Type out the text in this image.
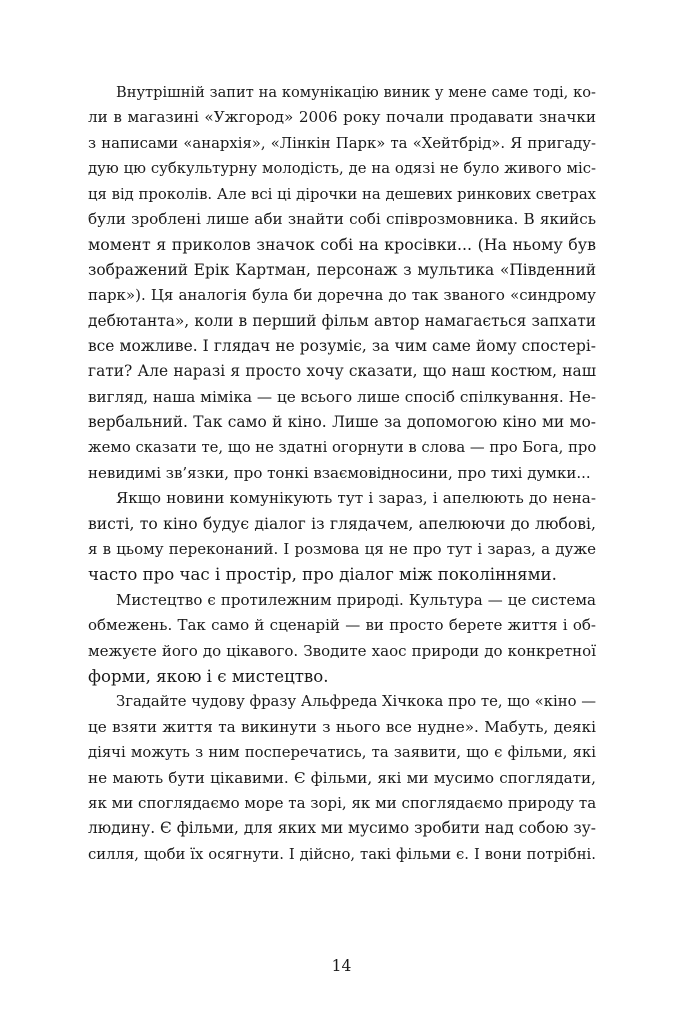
Внутрішній запит на комунікацію виник у мене саме тоді, ко-
ли в магазині «Ужгород» 2006 року почали продавати значки
з написами «анархія», «Лінкін Парк» та «Хейтбрід». Я пригаду-
дую цю субкультурну молодість, де на одязі не було живого міс-
ця від проколів. Але всі ці дірочки на дешевих ринкових светрах
були зроблені лише аби знайти собі співрозмовника. В якийсь
момент я приколов значок собі на кросівки... (На ньому був
зображений Ерік Картман, персонаж з мультика «Південний
парк»). Ця аналогія була би доречна до так званого «синдрому
дебютанта», коли в перший фільм автор намагається запхати
все можливе. І глядач не розуміє, за чим саме йому спостері-
гати? Але наразі я просто хочу сказати, що наш костюм, наш
вигляд, наша міміка — це всього лише спосіб спілкування. Не-
вербальний. Так само й кіно. Лише за допомогою кіно ми мо-
жемо сказати те, що не здатні огорнути в слова — про Бога, про
невидимі зв’язки, про тонкі взаємовідносини, про тихі думки...
Якщо новини комунікують тут і зараз, і апелюють до нена-
висті, то кіно будує діалог із глядачем, апелюючи до любові,
я в цьому переконаний. І розмова ця не про тут і зараз, а дуже
часто про час і простір, про діалог між поколіннями.
Мистецтво є протилежним природі. Культура — це система
обмежень. Так само й сценарій — ви просто берете життя і об-
межуєте його до цікавого. Зводите хаос природи до конкретної
форми, якою і є мистецтво.
Згадайте чудову фразу Альфреда Хічкока про те, що «кіно —
це взяти життя та викинути з нього все нудне». Мабуть, деякі
діячі можуть з ним посперечатись, та заявити, що є фільми, які
не мають бути цікавими. Є фільми, які ми мусимо споглядати,
як ми споглядаємо море та зорі, як ми споглядаємо природу та
людину. Є фільми, для яких ми мусимо зробити над собою зу-
силля, щоби їх осягнути. І дійсно, такі фільми є. І вони потрібні.
14
